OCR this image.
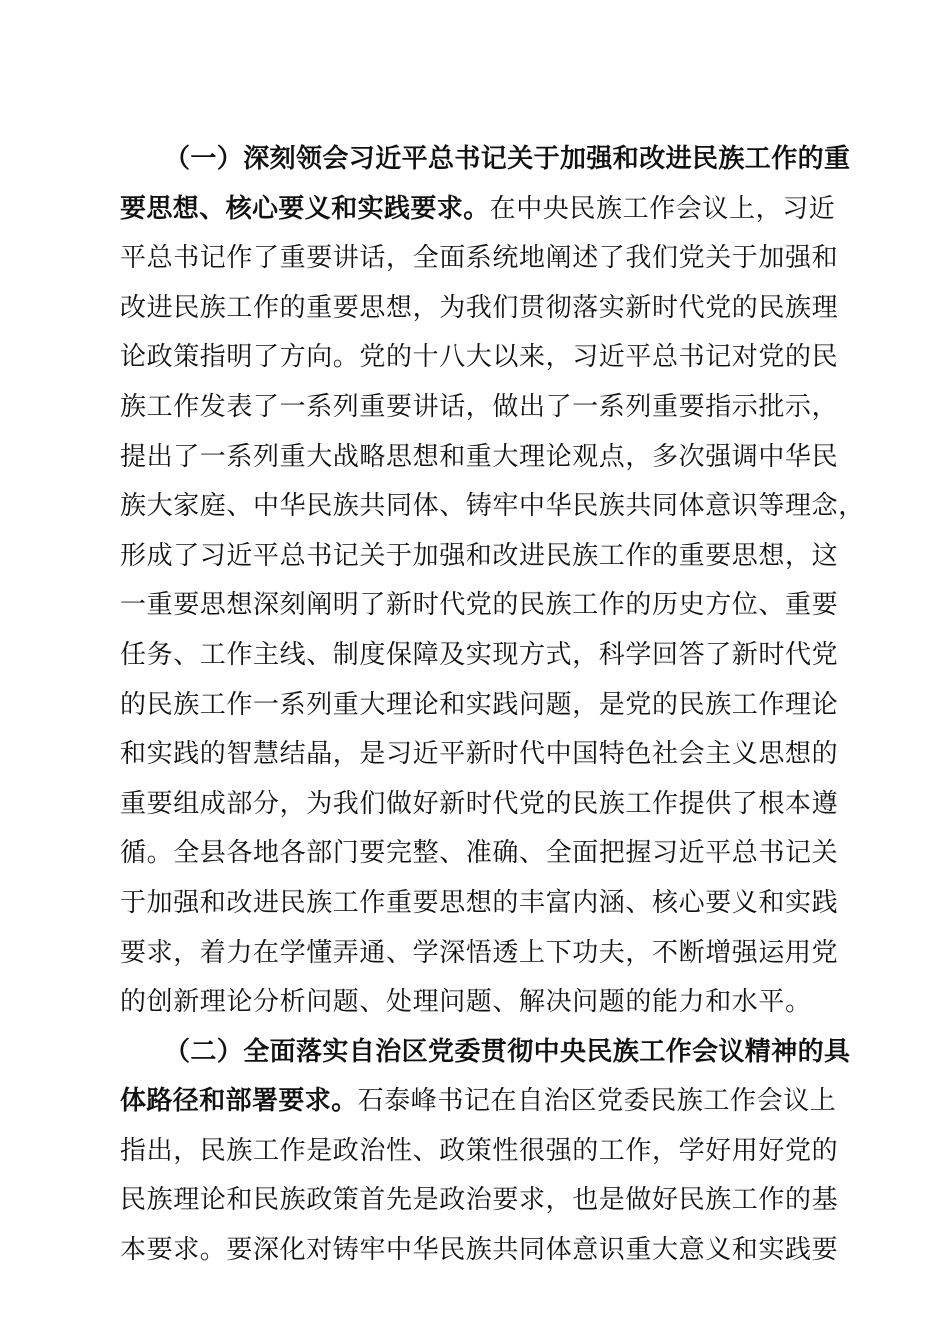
（一）深刻领会习近平总书记关于加强和改进民族工作的重
要思想、核心要义和实践要求。在中央民族工作会议上，习近
平总书记作了重要讲话，全面系统地阐述了我们党关于加强和
改进民族工作的重要思想，为我们贯彻落实新时代党的民族理
论政策指明了方向。党的十八大以来，习近平总书记对党的民
族工作发表了一系列重要讲话，做出了一系列重要指示批示，
提出了一系列重大战略思想和重大理论观点，多次强调中华民
族大家庭、中华民族共同体、铸牢中华民族共同体意识等理念，
形成了习近平总书记关于加强和改进民族工作的重要思想，这
一重要思想深刻阐明了新时代党的民族工作的历史方位、重要
任务、工作主线、制度保障及实现方式，科学回答了新时代党
的民族工作一系列重大理论和实践问题，是党的民族工作理论
和实践的智慧结晶，是习近平新时代中国特色社会主义思想的
重要组成部分，为我们做好新时代党的民族工作提供了根本遵
循。全县各地各部门要完整、准确、全面把握习近平总书记关
于加强和改进民族工作重要思想的丰富内涵、核心要义和实践
要求，着力在学懂弄通、学深悟透上下功夫，不断增强运用党
的创新理论分析问题、处理问题、解决问题的能力和水平。
（二）全面落实自治区党委贯彻中央民族工作会议精神的具
体路径和部署要求。石泰峰书记在自治区党委民族工作会议上
指出，民族工作是政治性、政策性很强的工作，学好用好党的
民族理论和民族政策首先是政治要求，也是做好民族工作的基
本要求。要深化对铸牢中华民族共同体意识重大意义和实践要
